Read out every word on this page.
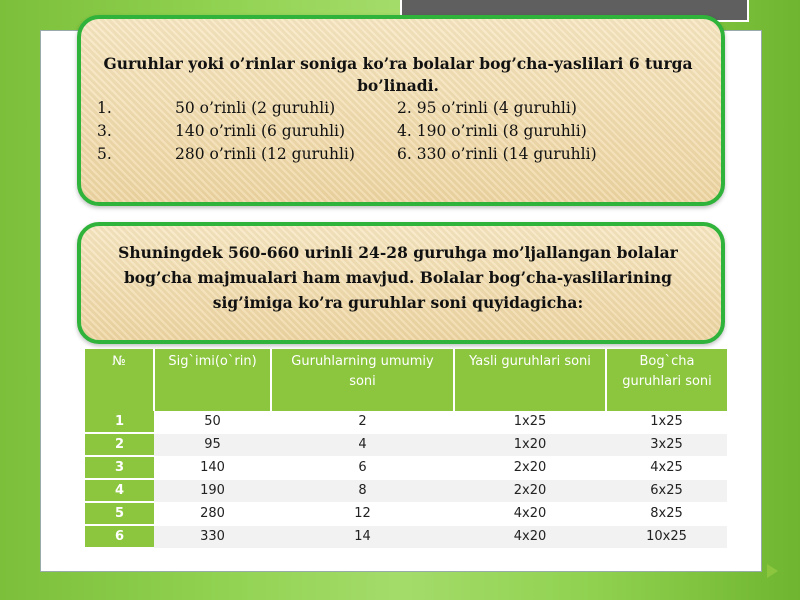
Guruhlar yoki o’rinlar soniga ko’ra bolalar bog’cha-yaslilari 6 turga bo’linadi.
1.	50 o’rinli (2 guruhli)	2. 95 o’rinli (4 guruhli)
3.	140 o’rinli (6 guruhli)	4. 190 o’rinli (8 guruhli)
5.	280 o’rinli (12 guruhli)	6. 330 o’rinli (14 guruhli)
Shuningdek 560-660 urinli 24-28 guruhga mo’ljallangan bolalar bog’cha majmualari ham mavjud. Bolalar bog’cha-yaslilarining sig’imiga ko’ra guruhlar soni quyidagicha:
№	Sig`imi(o`rin)	Guruhlarning umumiy soni	Yasli guruhlari soni	Bog`cha guruhlari soni
1	50	2	1x25	1x25
2	95	4	1x20	3x25
3	140	6	2x20	4x25
4	190	8	2x20	6x25
5	280	12	4x20	8x25
6	330	14	4x20	10x25
